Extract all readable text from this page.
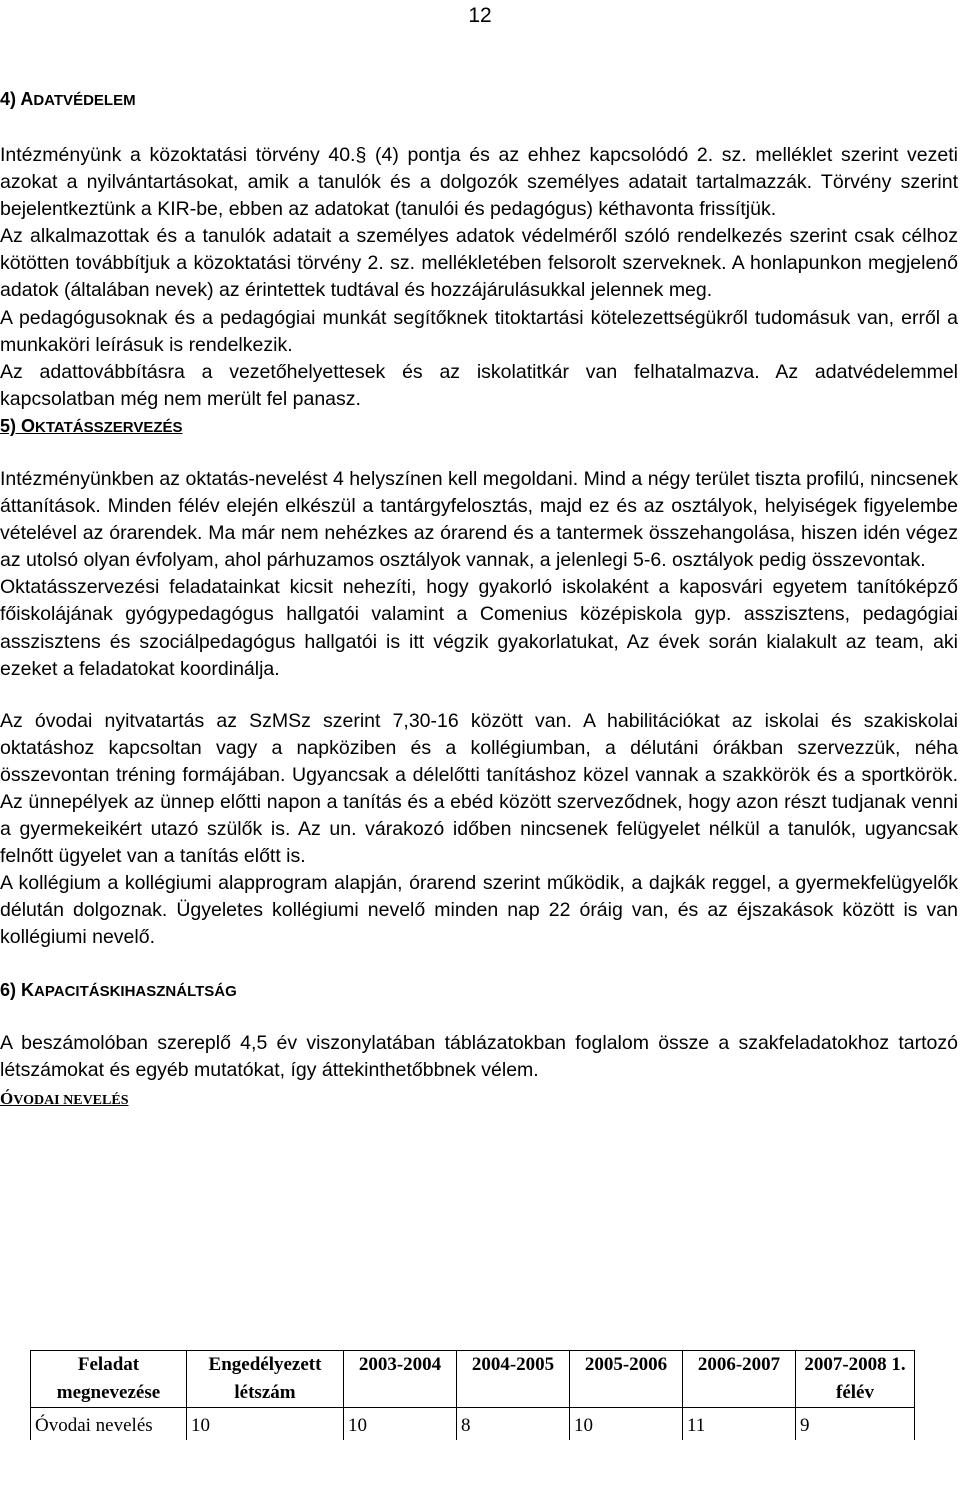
12
4) ADATVÉDELEM

Intézményünk a közoktatási törvény 40.§ (4) pontja és az ehhez kapcsolódó 2. sz. melléklet szerint vezeti azokat a nyilvántartásokat, amik a tanulók és a dolgozók személyes adatait tartalmazzák. Törvény szerint bejelentkeztünk a KIR-be, ebben az adatokat (tanulói és pedagógus) kéthavonta frissítjük.

Az alkalmazottak és a tanulók adatait a személyes adatok védelméről szóló rendelkezés szerint csak célhoz kötötten továbbítjuk a közoktatási törvény 2. sz. mellékletében felsorolt szerveknek. A honlapunkon megjelenő adatok (általában nevek) az érintettek tudtával és hozzájárulásukkal jelennek meg.

A pedagógusoknak és a pedagógiai munkát segítőknek titoktartási kötelezettségükről tudomásuk van, erről a munkaköri leírásuk is rendelkezik.

Az adattovábbításra a vezetőhelyettesek és az iskolatitkár van felhatalmazva. Az adatvédelemmel kapcsolatban még nem merült fel panasz.

5) OKTATÁSSZERVEZÉS

Intézményünkben az oktatás-nevelést 4 helyszínen kell megoldani. Mind a négy terület tiszta profilú, nincsenek áttanítások. Minden félév elején elkészül a tantárgyfelosztás, majd ez és az osztályok, helyiségek figyelembe vételével az órarendek. Ma már nem nehézkes az órarend és a tantermek összehangolása, hiszen idén végez az utolsó olyan évfolyam, ahol párhuzamos osztályok vannak, a jelenlegi 5-6. osztályok pedig összevontak.

Oktatásszervezési feladatainkat kicsit nehezíti, hogy gyakorló iskolaként a kaposvári egyetem tanítóképző főiskolájának gyógypedagógus hallgatói valamint a Comenius középiskola gyp. asszisztens, pedagógiai asszisztens és szociálpedagógus hallgatói is itt végzik gyakorlatukat, Az évek során kialakult az team, aki ezeket a feladatokat koordinálja.

Az óvodai nyitvatartás az SzMSz szerint 7,30-16 között van. A habilitációkat az iskolai és szakiskolai oktatáshoz kapcsoltan vagy a napköziben és a kollégiumban, a délutáni órákban szervezzük, néha összevontan tréning formájában. Ugyancsak a délelőtti tanításhoz közel vannak a szakkörök és a sportkörök. Az ünnepélyek az ünnep előtti napon a tanítás és a ebéd között szerveződnek, hogy azon részt tudjanak venni a gyermekeikért utazó szülők is. Az un. várakozó időben nincsenek felügyelet nélkül a tanulók, ugyancsak felnőtt ügyelet van a tanítás előtt is.

A kollégium a kollégiumi alapprogram alapján, órarend szerint működik, a dajkák reggel, a gyermekfelügyelők délután dolgoznak. Ügyeletes kollégiumi nevelő minden nap 22 óráig van, és az éjszakások között is van kollégiumi nevelő.

6) KAPACITÁSKIHASZNÁLTSÁG

A beszámolóban szereplő 4,5 év viszonylatában táblázatokban foglalom össze a szakfeladatokhoz tartozó létszámokat és egyéb mutatókat, így áttekinthetőbbnek vélem.

ÓVODAI NEVELÉS
Feladat megnevezése	Engedélyezett létszám	2003-2004	2004-2005	2005-2006	2006-2007	2007-2008 1. félév
Óvodai nevelés	10	10	8	10	11	9
